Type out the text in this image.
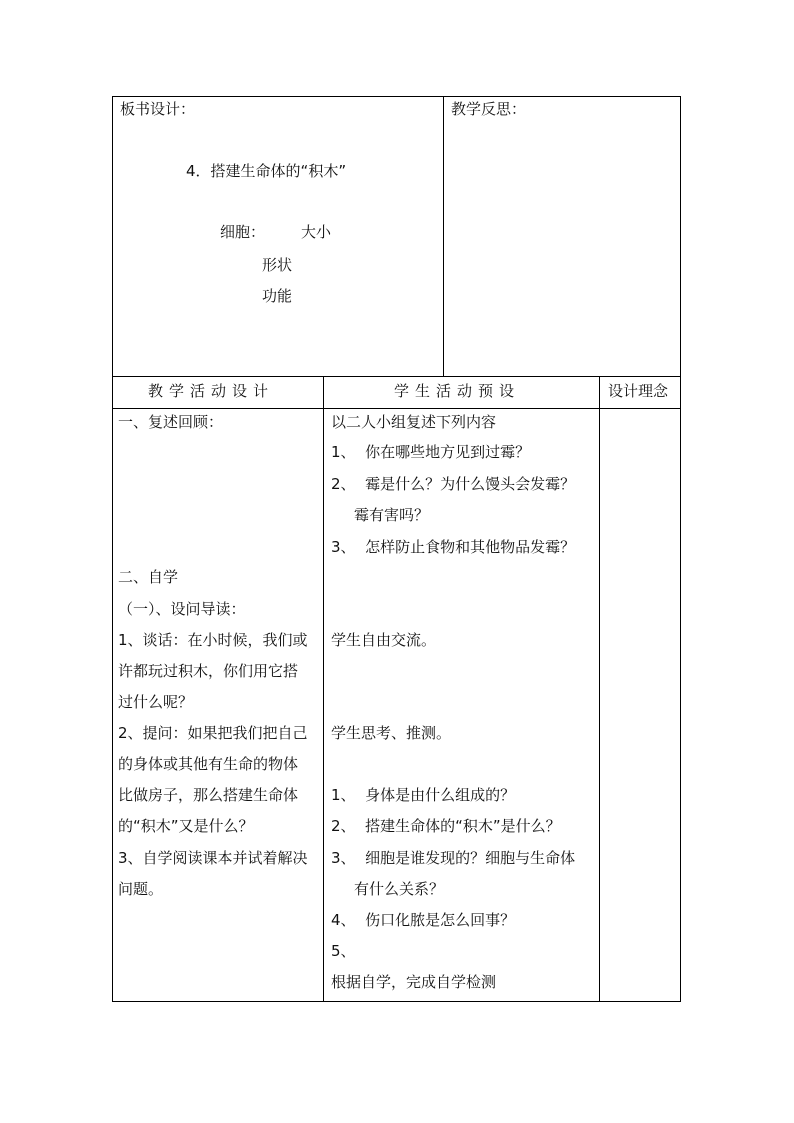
板书设计：
4．搭建生命体的“积木”
细胞： 大小
形状
功能
教学反思：
教学活动设计	学生活动预设	设计理念
一、复述回顾：
二、自学
（一）、设问导读：
1、谈话：在小时候，我们或
许都玩过积木，你们用它搭
过什么呢？
2、提问：如果把我们把自己
的身体或其他有生命的物体
比做房子，那么搭建生命体
的“积木”又是什么？
3、自学阅读课本并试着解决
问题。
以二人小组复述下列内容
1、  你在哪些地方见到过霉？
2、  霉是什么？为什么馒头会发霉？
霉有害吗？
3、  怎样防止食物和其他物品发霉？
学生自由交流。
学生思考、推测。
1、  身体是由什么组成的？
2、  搭建生命体的“积木”是什么？
3、  细胞是谁发现的？细胞与生命体
有什么关系？
4、  伤口化脓是怎么回事？
5、
根据自学，完成自学检测
